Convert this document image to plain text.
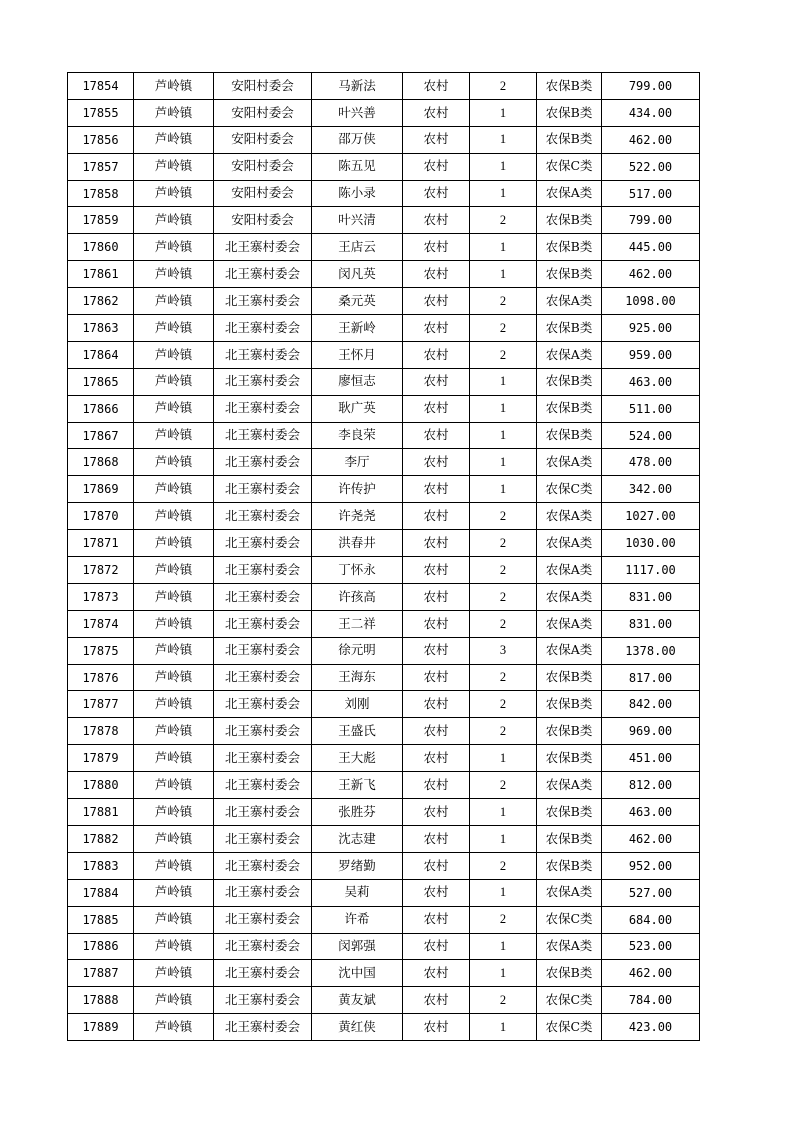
17854	芦岭镇	安阳村委会	马新法	农村	2	农保B类	799.00
17855	芦岭镇	安阳村委会	叶兴善	农村	1	农保B类	434.00
17856	芦岭镇	安阳村委会	邵万侠	农村	1	农保B类	462.00
17857	芦岭镇	安阳村委会	陈五见	农村	1	农保C类	522.00
17858	芦岭镇	安阳村委会	陈小录	农村	1	农保A类	517.00
17859	芦岭镇	安阳村委会	叶兴清	农村	2	农保B类	799.00
17860	芦岭镇	北王寨村委会	王店云	农村	1	农保B类	445.00
17861	芦岭镇	北王寨村委会	闵凡英	农村	1	农保B类	462.00
17862	芦岭镇	北王寨村委会	桑元英	农村	2	农保A类	1098.00
17863	芦岭镇	北王寨村委会	王新岭	农村	2	农保B类	925.00
17864	芦岭镇	北王寨村委会	王怀月	农村	2	农保A类	959.00
17865	芦岭镇	北王寨村委会	廖恒志	农村	1	农保B类	463.00
17866	芦岭镇	北王寨村委会	耿广英	农村	1	农保B类	511.00
17867	芦岭镇	北王寨村委会	李良荣	农村	1	农保B类	524.00
17868	芦岭镇	北王寨村委会	李厅	农村	1	农保A类	478.00
17869	芦岭镇	北王寨村委会	许传护	农村	1	农保C类	342.00
17870	芦岭镇	北王寨村委会	许尧尧	农村	2	农保A类	1027.00
17871	芦岭镇	北王寨村委会	洪春井	农村	2	农保A类	1030.00
17872	芦岭镇	北王寨村委会	丁怀永	农村	2	农保A类	1117.00
17873	芦岭镇	北王寨村委会	许孩高	农村	2	农保A类	831.00
17874	芦岭镇	北王寨村委会	王二祥	农村	2	农保A类	831.00
17875	芦岭镇	北王寨村委会	徐元明	农村	3	农保A类	1378.00
17876	芦岭镇	北王寨村委会	王海东	农村	2	农保B类	817.00
17877	芦岭镇	北王寨村委会	刘刚	农村	2	农保B类	842.00
17878	芦岭镇	北王寨村委会	王盛氏	农村	2	农保B类	969.00
17879	芦岭镇	北王寨村委会	王大彪	农村	1	农保B类	451.00
17880	芦岭镇	北王寨村委会	王新飞	农村	2	农保A类	812.00
17881	芦岭镇	北王寨村委会	张胜芬	农村	1	农保B类	463.00
17882	芦岭镇	北王寨村委会	沈志建	农村	1	农保B类	462.00
17883	芦岭镇	北王寨村委会	罗绪勤	农村	2	农保B类	952.00
17884	芦岭镇	北王寨村委会	吴莉	农村	1	农保A类	527.00
17885	芦岭镇	北王寨村委会	许希	农村	2	农保C类	684.00
17886	芦岭镇	北王寨村委会	闵郭强	农村	1	农保A类	523.00
17887	芦岭镇	北王寨村委会	沈中国	农村	1	农保B类	462.00
17888	芦岭镇	北王寨村委会	黄友斌	农村	2	农保C类	784.00
17889	芦岭镇	北王寨村委会	黄红侠	农村	1	农保C类	423.00
